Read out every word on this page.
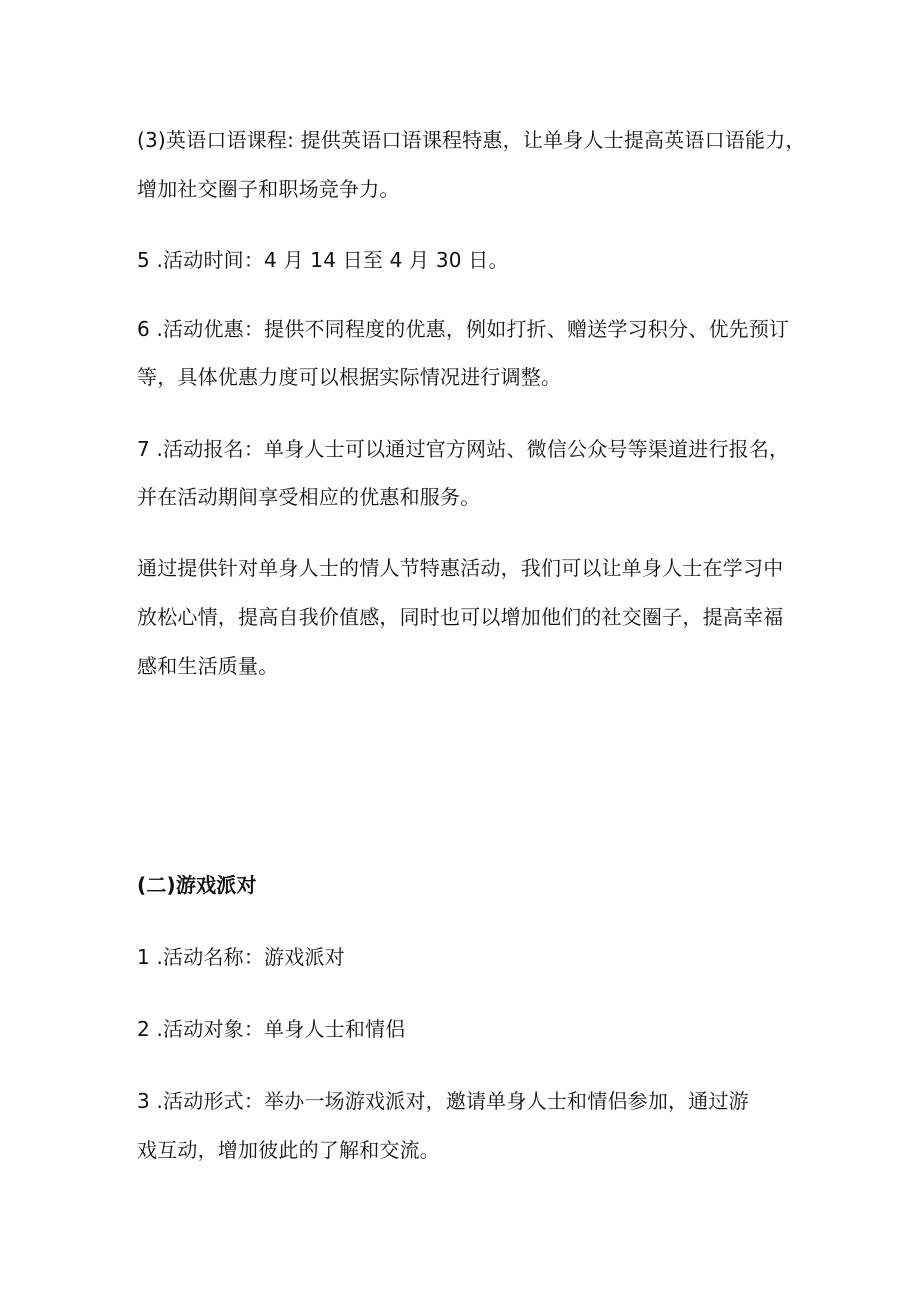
(3)英语口语课程: 提供英语口语课程特惠，让单身人士提高英语口语能力，
增加社交圈子和职场竞争力。
5 .活动时间：4 月 14 日至 4 月 30 日。
6 .活动优惠：提供不同程度的优惠，例如打折、赠送学习积分、优先预订
等，具体优惠力度可以根据实际情况进行调整。
7 .活动报名：单身人士可以通过官方网站、微信公众号等渠道进行报名，
并在活动期间享受相应的优惠和服务。
通过提供针对单身人士的情人节特惠活动，我们可以让单身人士在学习中
放松心情，提高自我价值感，同时也可以增加他们的社交圈子，提高幸福
感和生活质量。
(二)游戏派对
1 .活动名称：游戏派对
2 .活动对象：单身人士和情侣
3 .活动形式：举办一场游戏派对，邀请单身人士和情侣参加，通过游
戏互动，增加彼此的了解和交流。
